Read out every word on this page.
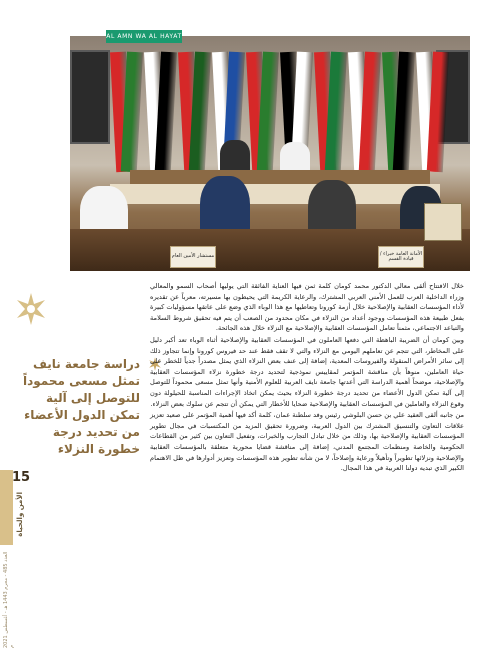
مستشار الأمين العام	الأمانة العامة خبراء / قيادة القسم
AL AMN WA AL HAYAT

دراسة جامعة نايف تمثل مسعى محموداً للتوصل إلى آلية تمكن الدول الأعضاء من تحديد درجة خطورة النزلاء

خلال الافتتاح ألقى معالي الدكتور محمد كومان كلمة ثمن فيها العناية الفائقة التي يوليها أصحاب السمو والمعالي وزراء الداخلية العرب للعمل الأمني العربي المشترك، والرعاية الكريمة التي يحيطون بها مسيرته، معرباً عن تقديره لأداء المؤسسات العقابية والإصلاحية خلال أزمة كورونا وتعاطيها مع هذا الوباء الذي وضع على عاتقها مسؤوليات كبيرة بفعل طبيعة هذه المؤسسات ووجود أعداد من النزلاء في مكان محدود من الصعب أن يتم فيه تحقيق شروط السلامة والتباعد الاجتماعي، مثمناً تعامل المؤسسات العقابية والإصلاحية مع النزلاء خلال هذه الجائحة.

وبين كومان أن الضريبة الباهظة التي دفعها العاملون في المؤسسات العقابية والإصلاحية أثناء الوباء تعد أكبر دليل على المخاطر، التي تتجم عن تعاملهم اليومي مع النزلاء والتي لا تقف فقط عند حد فيروس كورونا وإنما تتجاوز ذلك إلى سائر الأمراض المنقولة والفيروسات المعدية، إضافة إلى عنف بعض النزلاء الذي يمثل مصدراً جدياً للخطر على حياة العاملين، منوهاً بأن مناقشة المؤتمر لمقاييس نموذجية لتحديد درجة خطورة نزلاء المؤسسات العقابية والإصلاحية، موضحاً أهمية الدراسة التي أعدتها جامعة نايف العربية للعلوم الأمنية وأنها تمثل مسعى محموداً للتوصل إلى آلية تمكن الدول الأعضاء من تحديد درجة خطورة النزلاء بحيث يمكن اتخاذ الإجراءات المناسبة للحيلولة دون وقوع النزلاء والعاملين في المؤسسات العقابية والإصلاحية ضحايا للأخطار التي يمكن أن تتجم عن سلوك بعض النزلاء.

من جانبه ألقى العقيد علي بن حسن البلوشي رئيس وفد سلطنة عمان، كلمة أكد فيها أهمية المؤتمر على صعيد تعزيز علاقات التعاون والتنسيق المشترك بين الدول العربية، وضرورة تحقيق المزيد من المكتسبات في مجال تطوير المؤسسات العقابية والإصلاحية بها، وذلك من خلال تبادل التجارب والخبرات، وتفعيل التعاون بين كثير من القطاعات الحكومية والخاصة ومنظمات المجتمع المدني، إضافة إلى مناقشة قضايا محورية متعلقة بالمؤسسات العقابية والإصلاحية ونزلائها تطويراً وتأهيلاً ورعاية وإصلاحاً، لا من شأنه تطوير هذه المؤسسات وتعزيز أدوارها في ظل الاهتمام الكبير الذي تبديه دولنا العربية في هذا المجال.

15
الأمن والحياة
العدد 485 - محرم 1443 هـ - أغسطس 2021 م
